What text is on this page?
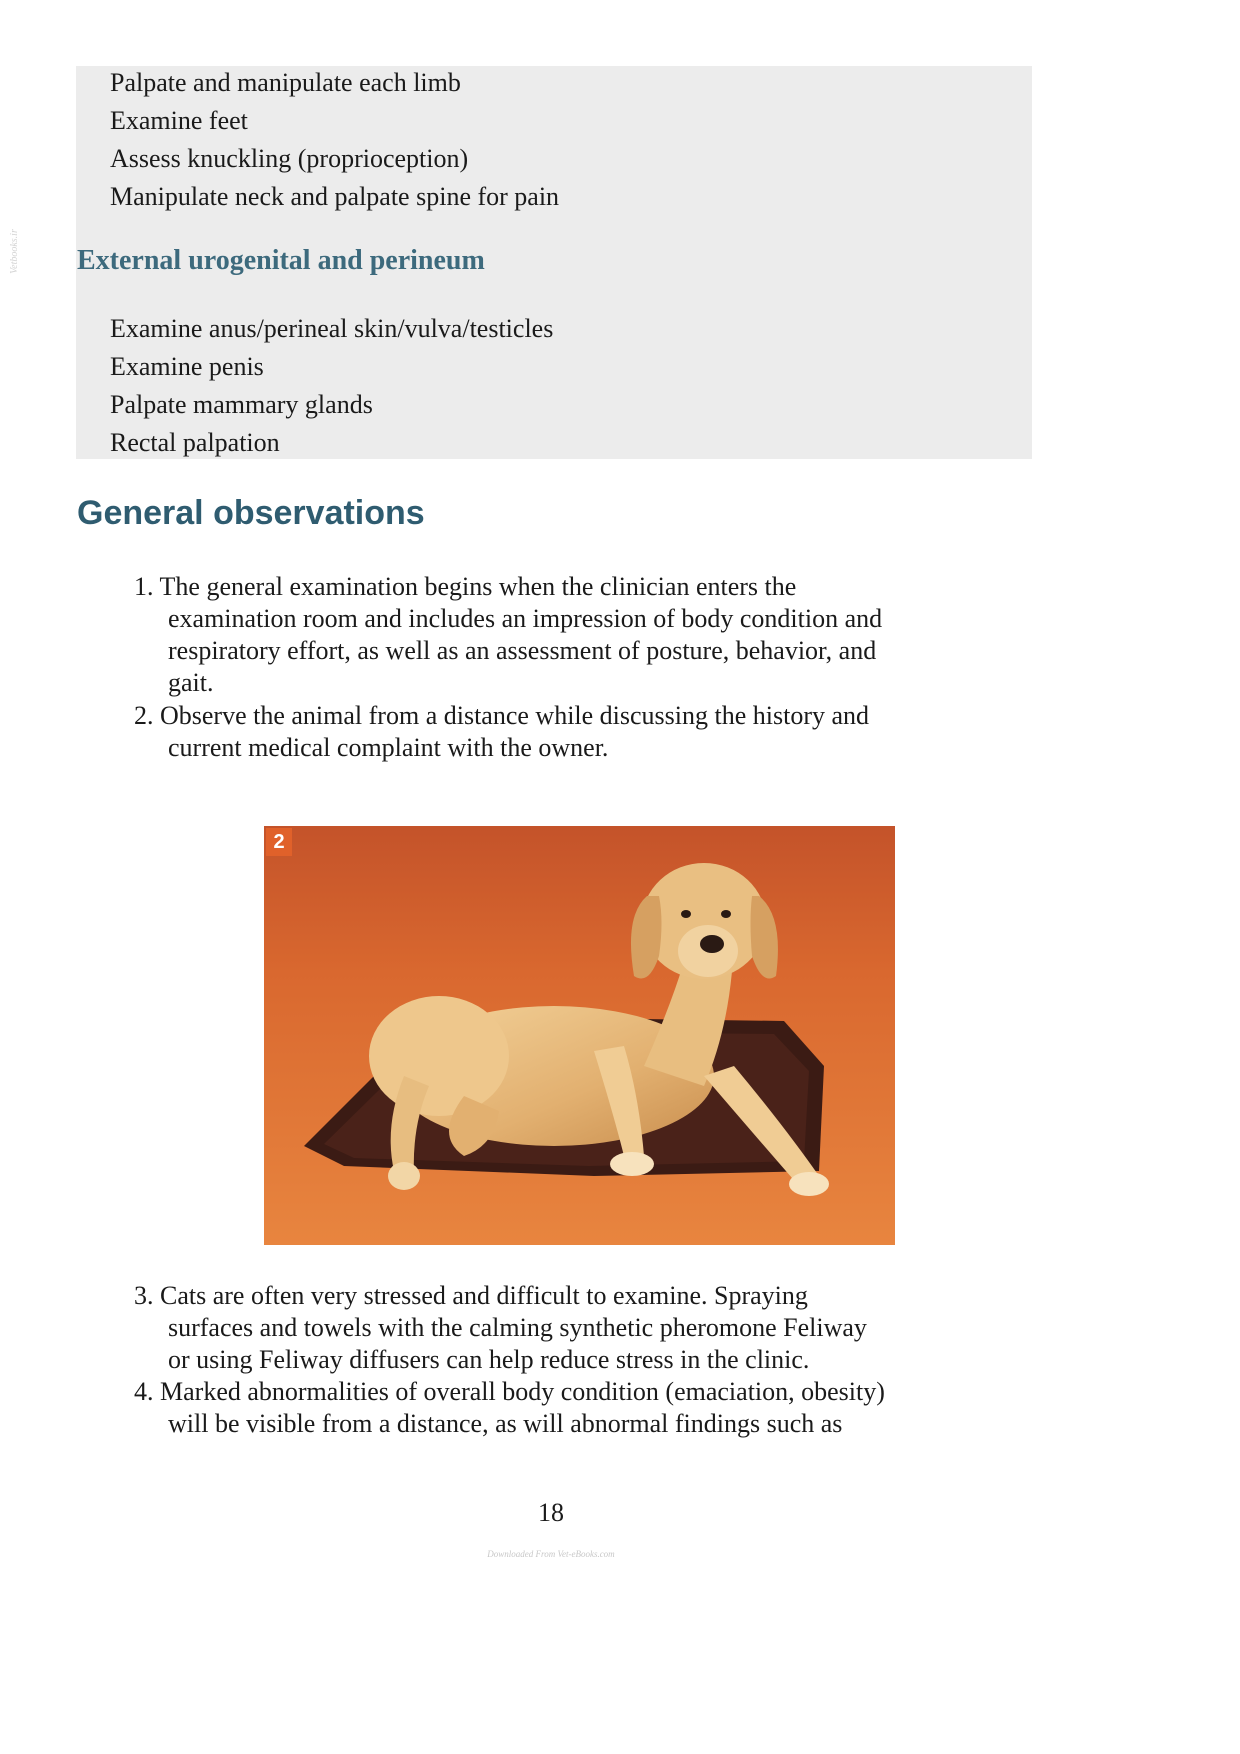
Vetbooks.ir
Palpate and manipulate each limb
Examine feet
Assess knuckling (proprioception)
Manipulate neck and palpate spine for pain
External urogenital and perineum
Examine anus/perineal skin/vulva/testicles
Examine penis
Palpate mammary glands
Rectal palpation
General observations
1. The general examination begins when the clinician enters the
examination room and includes an impression of body condition and
respiratory effort, as well as an assessment of posture, behavior, and
gait.
2. Observe the animal from a distance while discussing the history and
current medical complaint with the owner.
2
3. Cats are often very stressed and difficult to examine. Spraying
surfaces and towels with the calming synthetic pheromone Feliway
or using Feliway diffusers can help reduce stress in the clinic.
4. Marked abnormalities of overall body condition (emaciation, obesity)
will be visible from a distance, as will abnormal findings such as
18
Downloaded From Vet-eBooks.com
